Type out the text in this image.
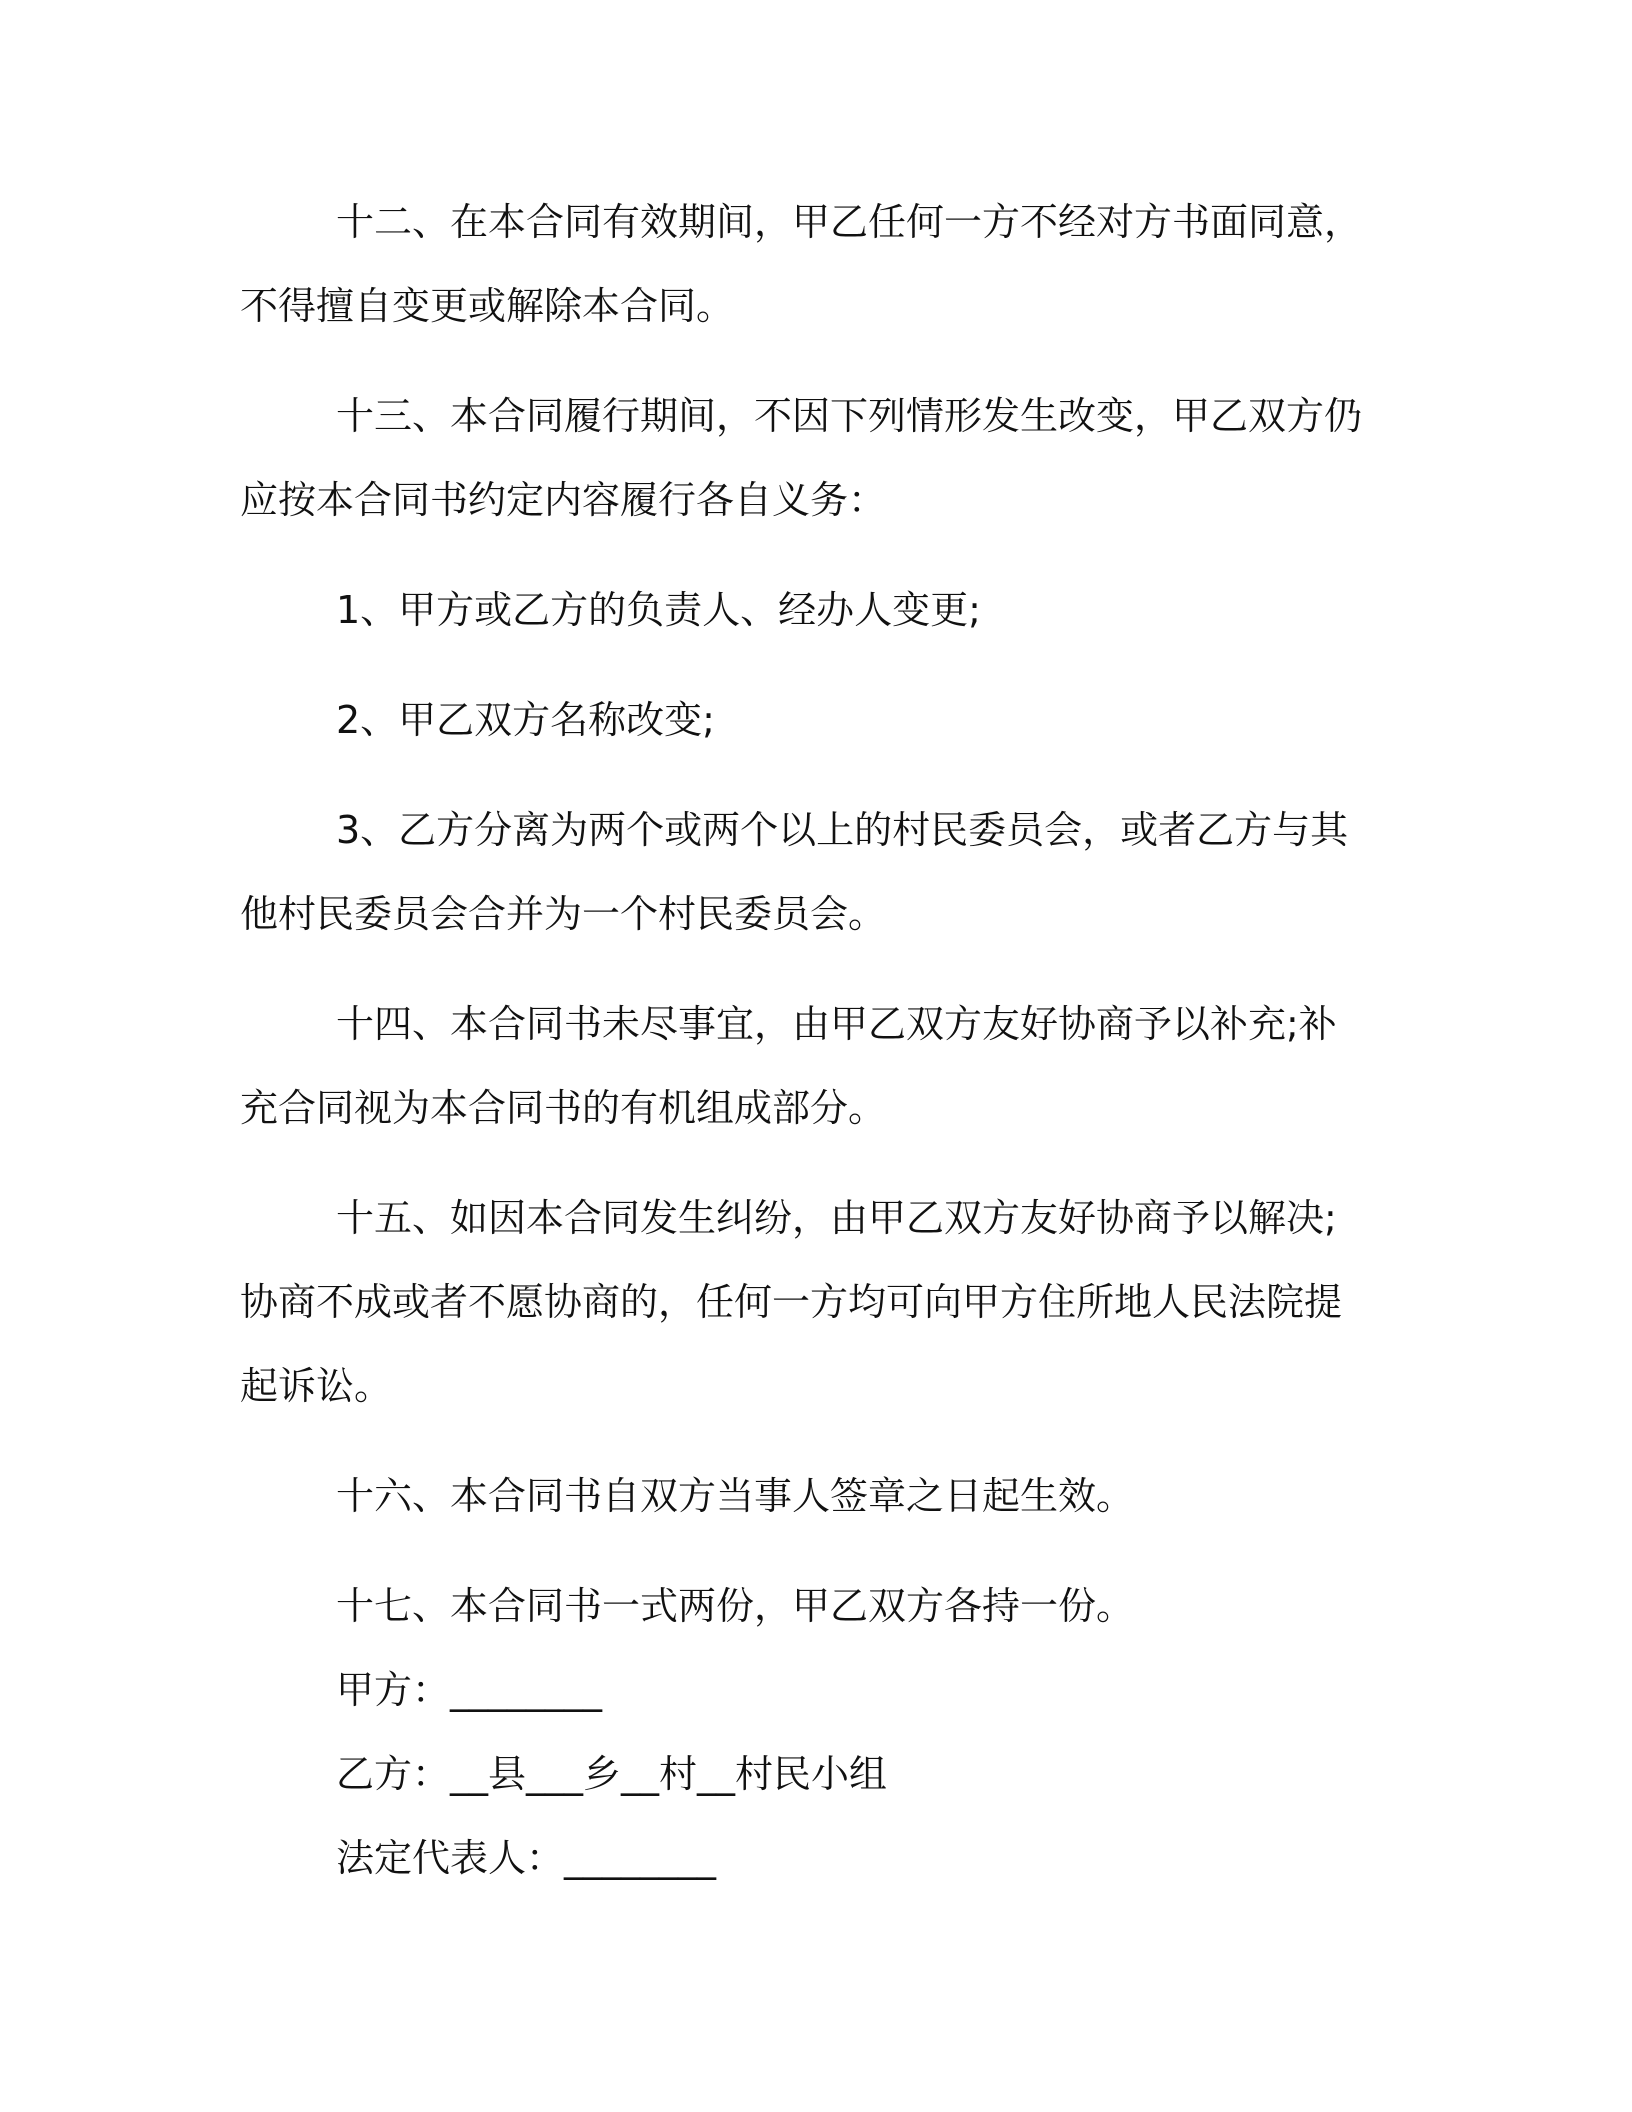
十二、在本合同有效期间，甲乙任何一方不经对方书面同意，不得擅自变更或解除本合同。

十三、本合同履行期间，不因下列情形发生改变，甲乙双方仍应按本合同书约定内容履行各自义务：

1、甲方或乙方的负责人、经办人变更;

2、甲乙双方名称改变;

3、乙方分离为两个或两个以上的村民委员会，或者乙方与其他村民委员会合并为一个村民委员会。

十四、本合同书未尽事宜，由甲乙双方友好协商予以补充;补充合同视为本合同书的有机组成部分。

十五、如因本合同发生纠纷，由甲乙双方友好协商予以解决;协商不成或者不愿协商的，任何一方均可向甲方住所地人民法院提起诉讼。

十六、本合同书自双方当事人签章之日起生效。

十七、本合同书一式两份，甲乙双方各持一份。

甲方：________

乙方：__县___乡__村__村民小组

法定代表人：________
